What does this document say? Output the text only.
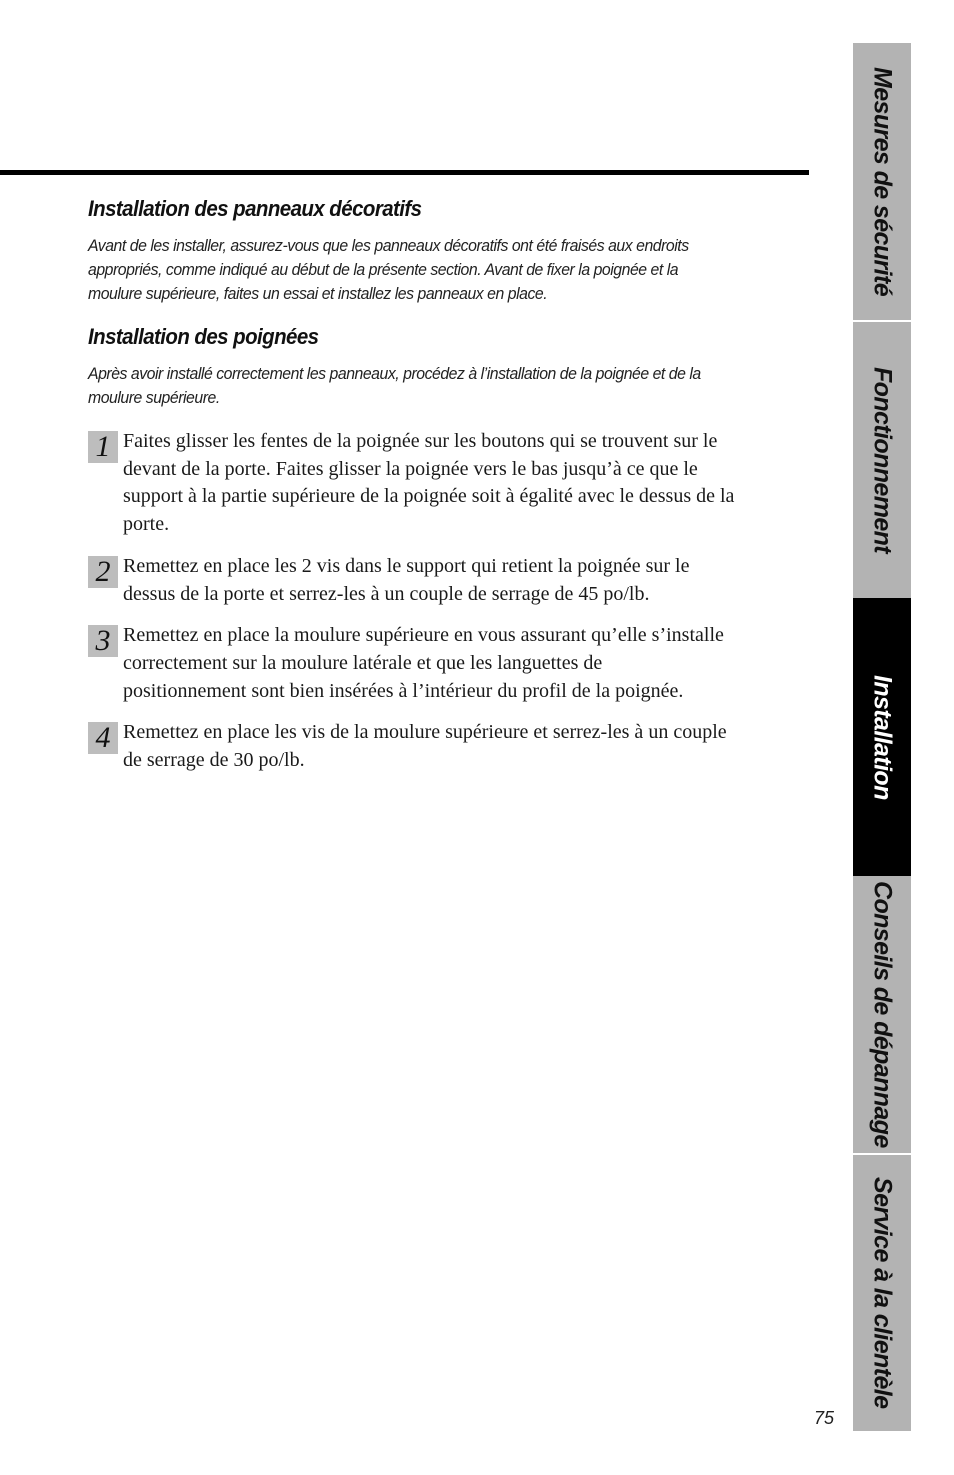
Installation des panneaux décoratifs

Avant de les installer, assurez-vous que les panneaux décoratifs ont été fraisés aux endroits
appropriés, comme indiqué au début de la présente section. Avant de fixer la poignée et la
moulure supérieure, faites un essai et installez les panneaux en place.

Installation des poignées

Après avoir installé correctement les panneaux, procédez à l’installation de la poignée et de la
moulure supérieure.

1 Faites glisser les fentes de la poignée sur les boutons qui se trouvent sur le
devant de la porte. Faites glisser la poignée vers le bas jusqu’à ce que le
support à la partie supérieure de la poignée soit à égalité avec le dessus de la
porte.
2 Remettez en place les 2 vis dans le support qui retient la poignée sur le
dessus de la porte et serrez-les à un couple de serrage de 45 po/lb.
3 Remettez en place la moulure supérieure en vous assurant qu’elle s’installe
correctement sur la moulure latérale et que les languettes de
positionnement sont bien insérées à l’intérieur du profil de la poignée.
4 Remettez en place les vis de la moulure supérieure et serrez-les à un couple
de serrage de 30 po/lb.
Mesures de sécurité
Fonctionnement
Installation
Conseils de dépannage
Service à la clientèle
75
